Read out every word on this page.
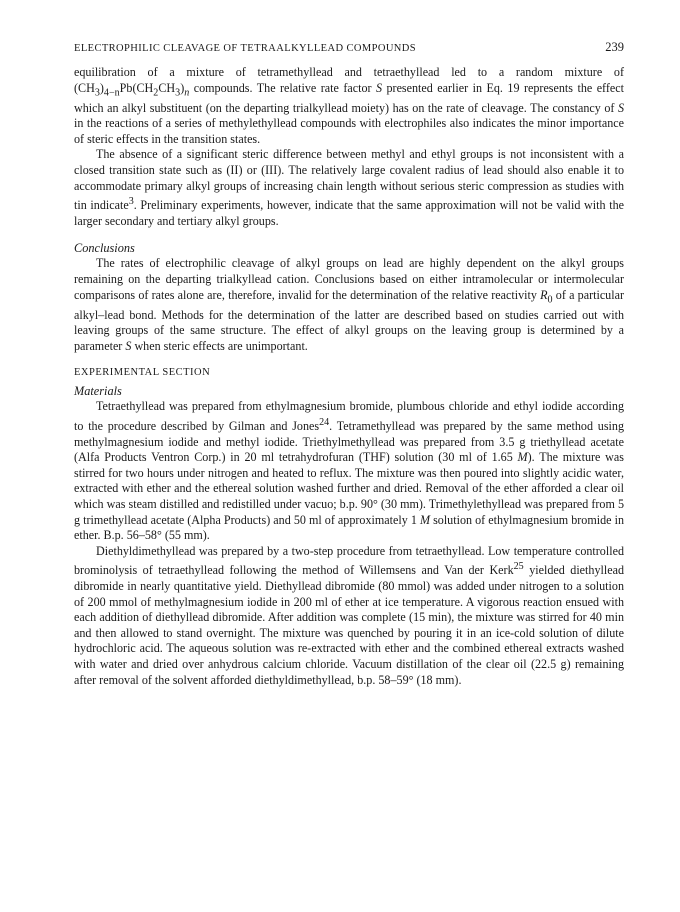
ELECTROPHILIC CLEAVAGE OF TETRAALKYLLEAD COMPOUNDS	239

equilibration of a mixture of tetramethyllead and tetraethyllead led to a random mixture of $(CH_3)_{4-n}Pb(CH_2CH_3)_n$ compounds. The relative rate factor S presented earlier in Eq. 19 represents the effect which an alkyl substituent (on the departing trialkyllead moiety) has on the rate of cleavage. The constancy of S in the reactions of a series of methylethyllead compounds with electrophiles also indicates the minor importance of steric effects in the transition states.

The absence of a significant steric difference between methyl and ethyl groups is not inconsistent with a closed transition state such as (II) or (III). The relatively large covalent radius of lead should also enable it to accommodate primary alkyl groups of increasing chain length without serious steric compression as studies with tin indicate$^3$. Preliminary experiments, however, indicate that the same approximation will not be valid with the larger secondary and tertiary alkyl groups.

Conclusions

The rates of electrophilic cleavage of alkyl groups on lead are highly dependent on the alkyl groups remaining on the departing trialkyllead cation. Conclusions based on either intramolecular or intermolecular comparisons of rates alone are, therefore, invalid for the determination of the relative reactivity $R_0$ of a particular alkyl–lead bond. Methods for the determination of the latter are described based on studies carried out with leaving groups of the same structure. The effect of alkyl groups on the leaving group is determined by a parameter S when steric effects are unimportant.

EXPERIMENTAL SECTION
Materials

Tetraethyllead was prepared from ethylmagnesium bromide, plumbous chloride and ethyl iodide according to the procedure described by Gilman and Jones$^{24}$. Tetramethyllead was prepared by the same method using methylmagnesium iodide and methyl iodide. Triethylmethyllead was prepared from 3.5 g triethyllead acetate (Alfa Products Ventron Corp.) in 20 ml tetrahydrofuran (THF) solution (30 ml of 1.65 M). The mixture was stirred for two hours under nitrogen and heated to reflux. The mixture was then poured into slightly acidic water, extracted with ether and the ethereal solution washed further and dried. Removal of the ether afforded a clear oil which was steam distilled and redistilled under vacuo; b.p. 90° (30 mm). Trimethylethyllead was prepared from 5 g trimethyllead acetate (Alpha Products) and 50 ml of approximately 1 M solution of ethylmagnesium bromide in ether. B.p. 56–58° (55 mm).

Diethyldimethyllead was prepared by a two-step procedure from tetraethyllead. Low temperature controlled brominolysis of tetraethyllead following the method of Willemsens and Van der Kerk$^{25}$ yielded diethyllead dibromide in nearly quantitative yield. Diethyllead dibromide (80 mmol) was added under nitrogen to a solution of 200 mmol of methylmagnesium iodide in 200 ml of ether at ice temperature. A vigorous reaction ensued with each addition of diethyllead dibromide. After addition was complete (15 min), the mixture was stirred for 40 min and then allowed to stand overnight. The mixture was quenched by pouring it in an ice-cold solution of dilute hydrochloric acid. The aqueous solution was re-extracted with ether and the combined ethereal extracts washed with water and dried over anhydrous calcium chloride. Vacuum distillation of the clear oil (22.5 g) remaining after removal of the solvent afforded diethyldimethyllead, b.p. 58–59° (18 mm).
